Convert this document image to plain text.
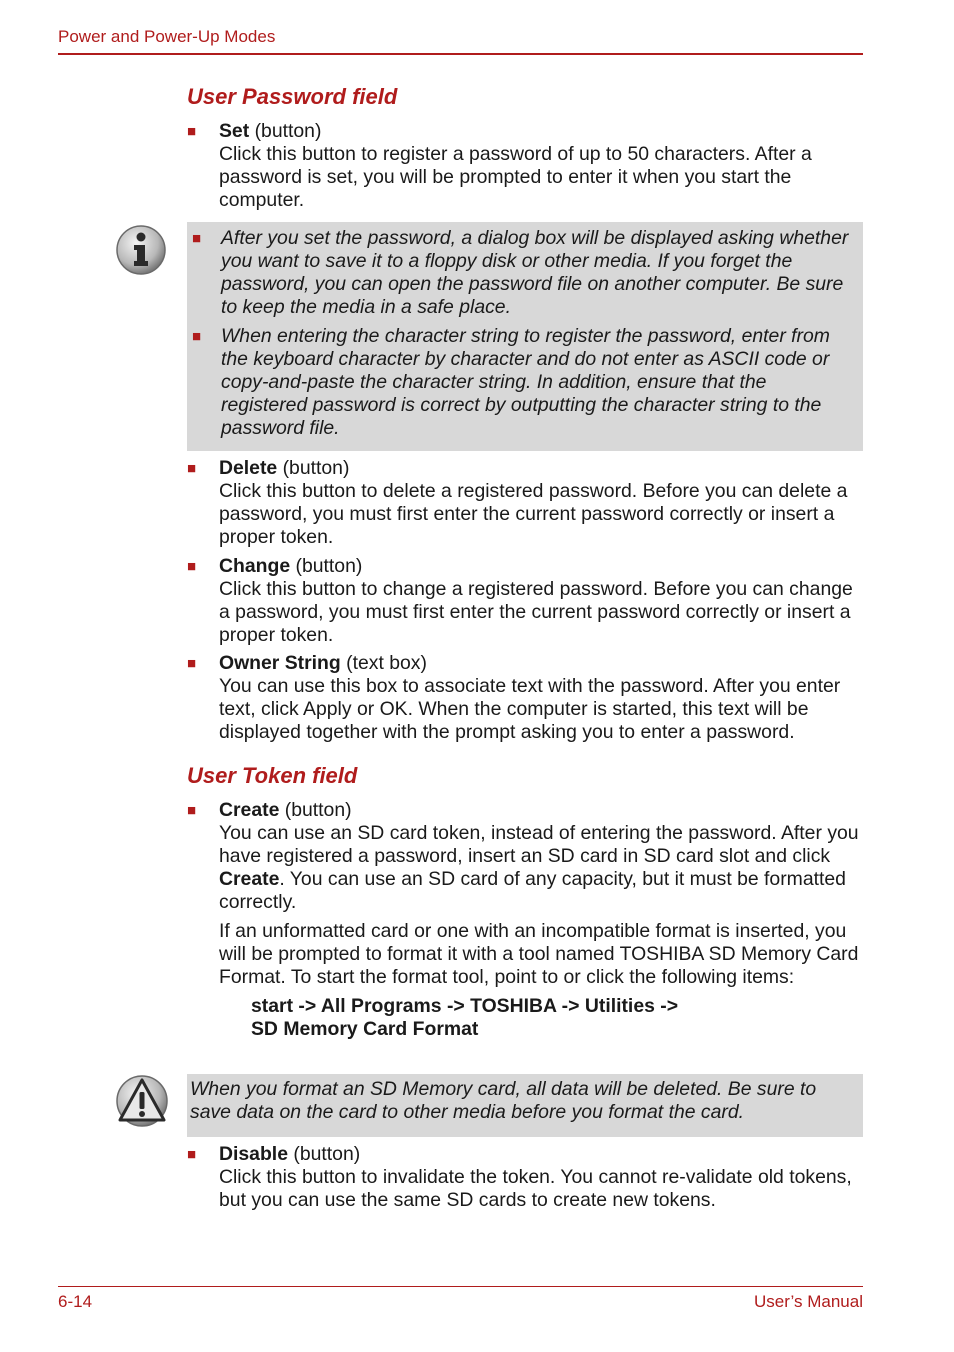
Power and Power-Up Modes
User Password field
■ Set (button)

Click this button to register a password of up to 50 characters. After a password is set, you will be prompted to enter it when you start the computer.

■ After you set the password, a dialog box will be displayed asking whether you want to save it to a floppy disk or other media. If you forget the password, you can open the password file on another computer. Be sure to keep the media in a safe place.
■ When entering the character string to register the password, enter from the keyboard character by character and do not enter as ASCII code or copy-and-paste the character string. In addition, ensure that the registered password is correct by outputting the character string to the password file.
■ Delete (button)

Click this button to delete a registered password. Before you can delete a password, you must first enter the current password correctly or insert a proper token.

■ Change (button)

Click this button to change a registered password. Before you can change a password, you must first enter the current password correctly or insert a proper token.

■ Owner String (text box)

You can use this box to associate text with the password. After you enter text, click Apply or OK. When the computer is started, this text will be displayed together with the prompt asking you to enter a password.

User Token field
■ Create (button)

You can use an SD card token, instead of entering the password. After you have registered a password, insert an SD card in SD card slot and click Create. You can use an SD card of any capacity, but it must be formatted correctly.

If an unformatted card or one with an incompatible format is inserted, you will be prompted to format it with a tool named TOSHIBA SD Memory Card Format. To start the format tool, point to or click the following items:

start -> All Programs -> TOSHIBA -> Utilities ->
SD Memory Card Format
When you format an SD Memory card, all data will be deleted. Be sure to save data on the card to other media before you format the card.
■ Disable (button)

Click this button to invalidate the token. You cannot re-validate old tokens, but you can use the same SD cards to create new tokens.

6-14	User’s Manual
